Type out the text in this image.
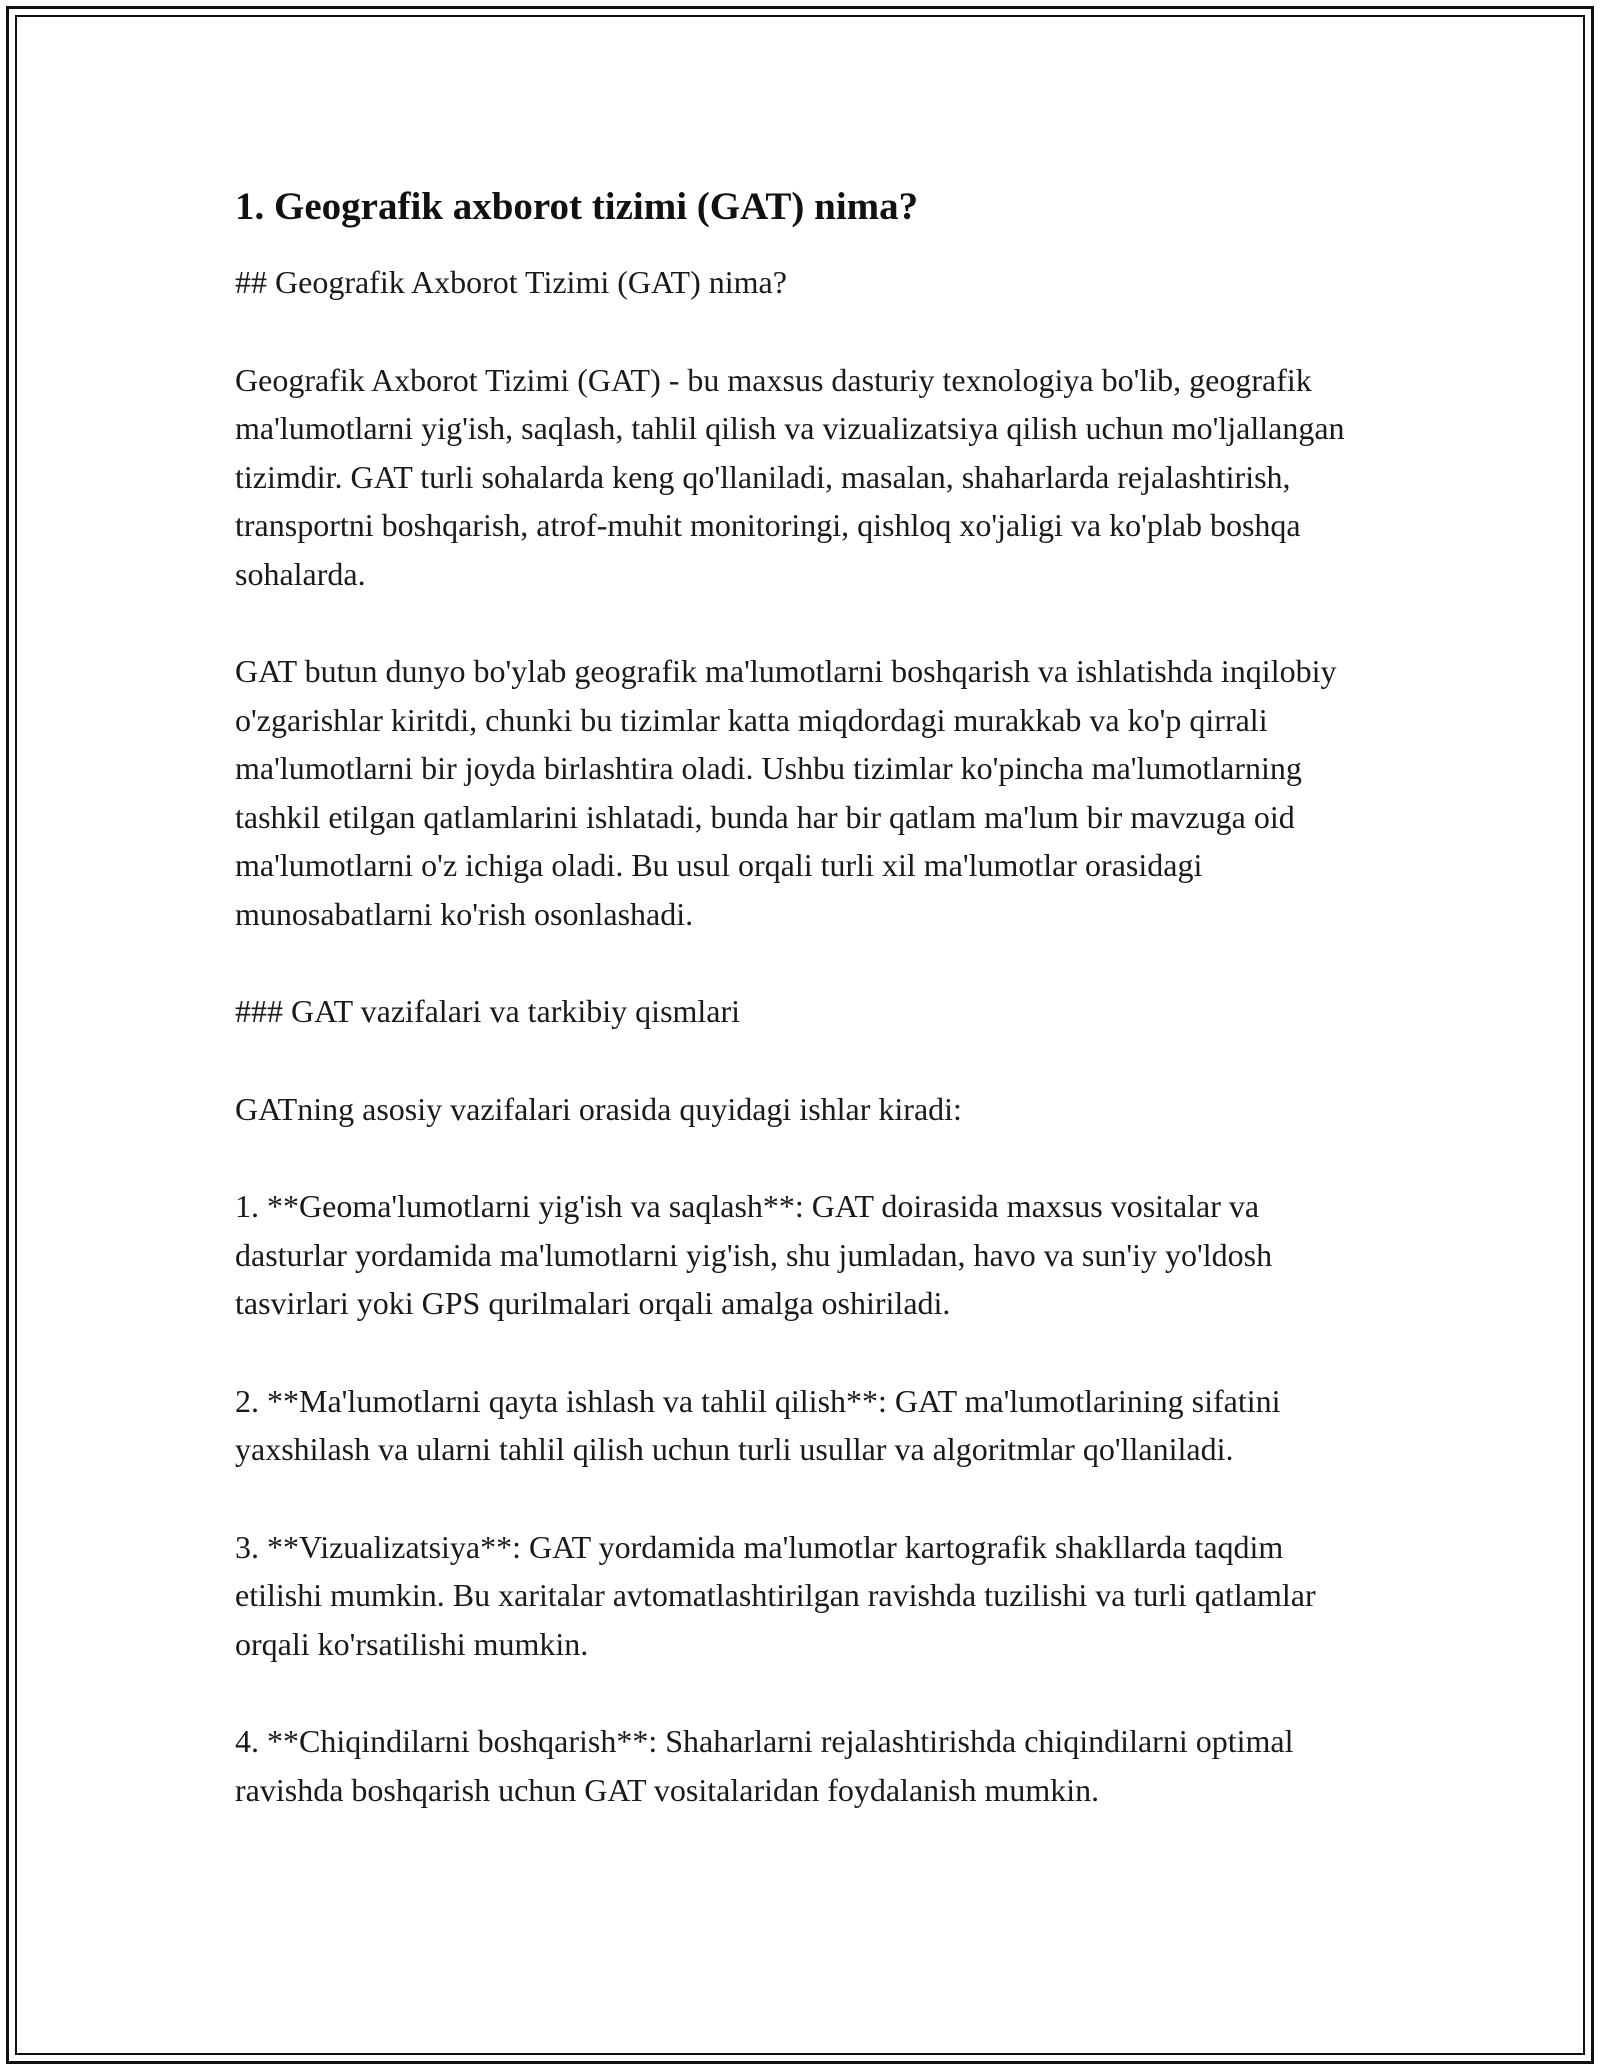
1. Geografik axborot tizimi (GAT) nima?

## Geografik Axborot Tizimi (GAT) nima?

Geografik Axborot Tizimi (GAT) - bu maxsus dasturiy texnologiya bo'lib, geografik ma'lumotlarni yig'ish, saqlash, tahlil qilish va vizualizatsiya qilish uchun mo'ljallangan tizimdir. GAT turli sohalarda keng qo'llaniladi, masalan, shaharlarda rejalashtirish, transportni boshqarish, atrof-muhit monitoringi, qishloq xo'jaligi va ko'plab boshqa sohalarda.

GAT butun dunyo bo'ylab geografik ma'lumotlarni boshqarish va ishlatishda inqilobiy o'zgarishlar kiritdi, chunki bu tizimlar katta miqdordagi murakkab va ko'p qirrali ma'lumotlarni bir joyda birlashtira oladi. Ushbu tizimlar ko'pincha ma'lumotlarning tashkil etilgan qatlamlarini ishlatadi, bunda har bir qatlam ma'lum bir mavzuga oid ma'lumotlarni o'z ichiga oladi. Bu usul orqali turli xil ma'lumotlar orasidagi munosabatlarni ko'rish osonlashadi.

### GAT vazifalari va tarkibiy qismlari

GATning asosiy vazifalari orasida quyidagi ishlar kiradi:

1. **Geoma'lumotlarni yig'ish va saqlash**: GAT doirasida maxsus vositalar va dasturlar yordamida ma'lumotlarni yig'ish, shu jumladan, havo va sun'iy yo'ldosh tasvirlari yoki GPS qurilmalari orqali amalga oshiriladi.

2. **Ma'lumotlarni qayta ishlash va tahlil qilish**: GAT ma'lumotlarining sifatini yaxshilash va ularni tahlil qilish uchun turli usullar va algoritmlar qo'llaniladi.

3. **Vizualizatsiya**: GAT yordamida ma'lumotlar kartografik shakllarda taqdim etilishi mumkin. Bu xaritalar avtomatlashtirilgan ravishda tuzilishi va turli qatlamlar orqali ko'rsatilishi mumkin.

4. **Chiqindilarni boshqarish**: Shaharlarni rejalashtirishda chiqindilarni optimal ravishda boshqarish uchun GAT vositalaridan foydalanish mumkin.
